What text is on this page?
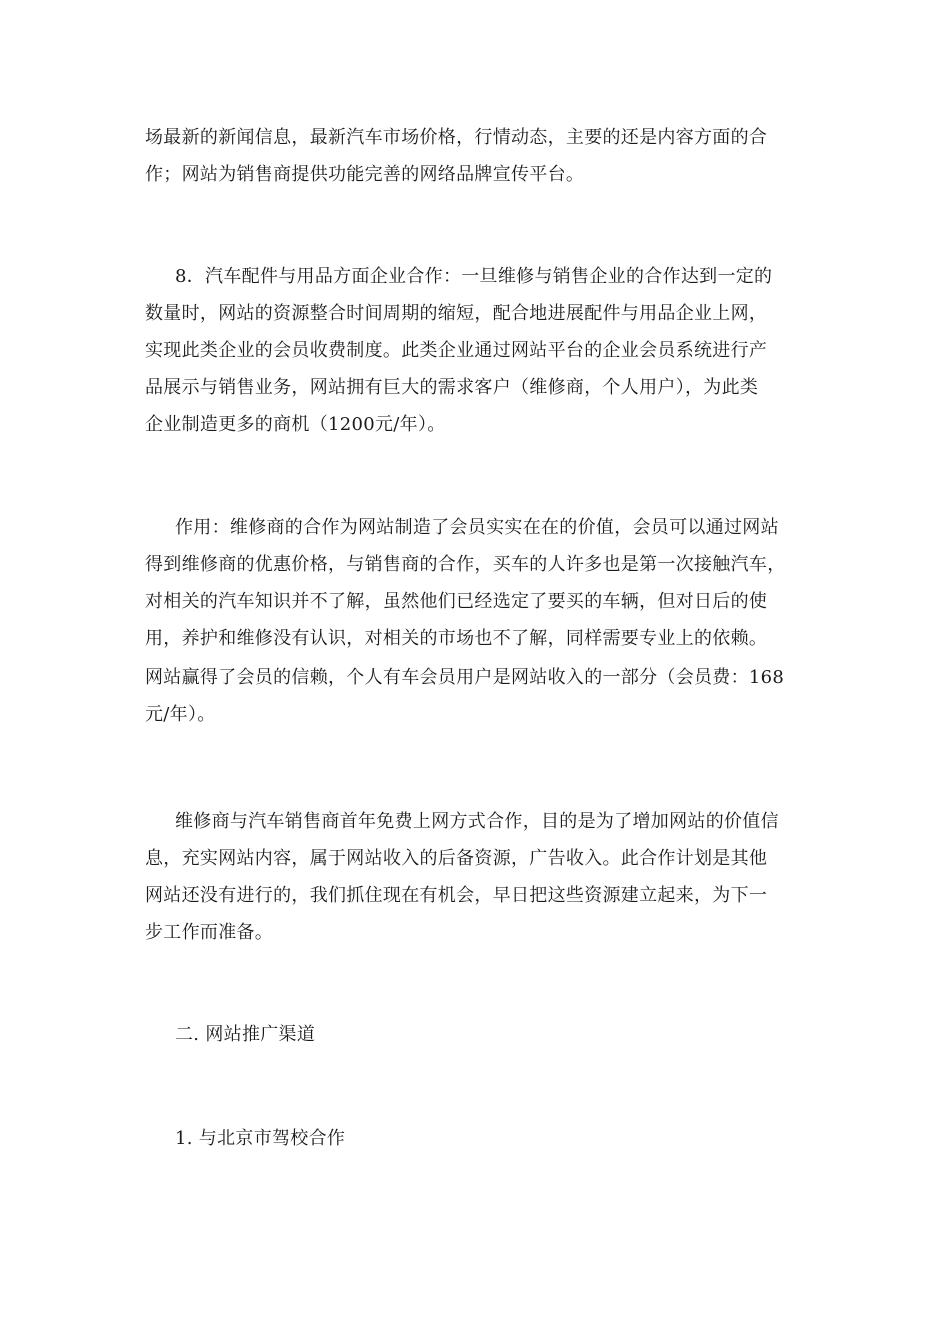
场最新的新闻信息，最新汽车市场价格，行情动态，主要的还是内容方面的合
作；网站为销售商提供功能完善的网络品牌宣传平台。
8．汽车配件与用品方面企业合作：一旦维修与销售企业的合作达到一定的
数量时，网站的资源整合时间周期的缩短，配合地进展配件与用品企业上网，
实现此类企业的会员收费制度。此类企业通过网站平台的企业会员系统进行产
品展示与销售业务，网站拥有巨大的需求客户（维修商，个人用户），为此类
企业制造更多的商机（1200元/年）。
作用：维修商的合作为网站制造了会员实实在在的价值，会员可以通过网站
得到维修商的优惠价格，与销售商的合作，买车的人许多也是第一次接触汽车，
对相关的汽车知识并不了解，虽然他们已经选定了要买的车辆，但对日后的使
用，养护和维修没有认识，对相关的市场也不了解，同样需要专业上的依赖。
网站赢得了会员的信赖，个人有车会员用户是网站收入的一部分（会员费：168
元/年）。
维修商与汽车销售商首年免费上网方式合作，目的是为了增加网站的价值信
息，充实网站内容，属于网站收入的后备资源，广告收入。此合作计划是其他
网站还没有进行的，我们抓住现在有机会，早日把这些资源建立起来，为下一
步工作而准备。
二. 网站推广渠道
1. 与北京市驾校合作
